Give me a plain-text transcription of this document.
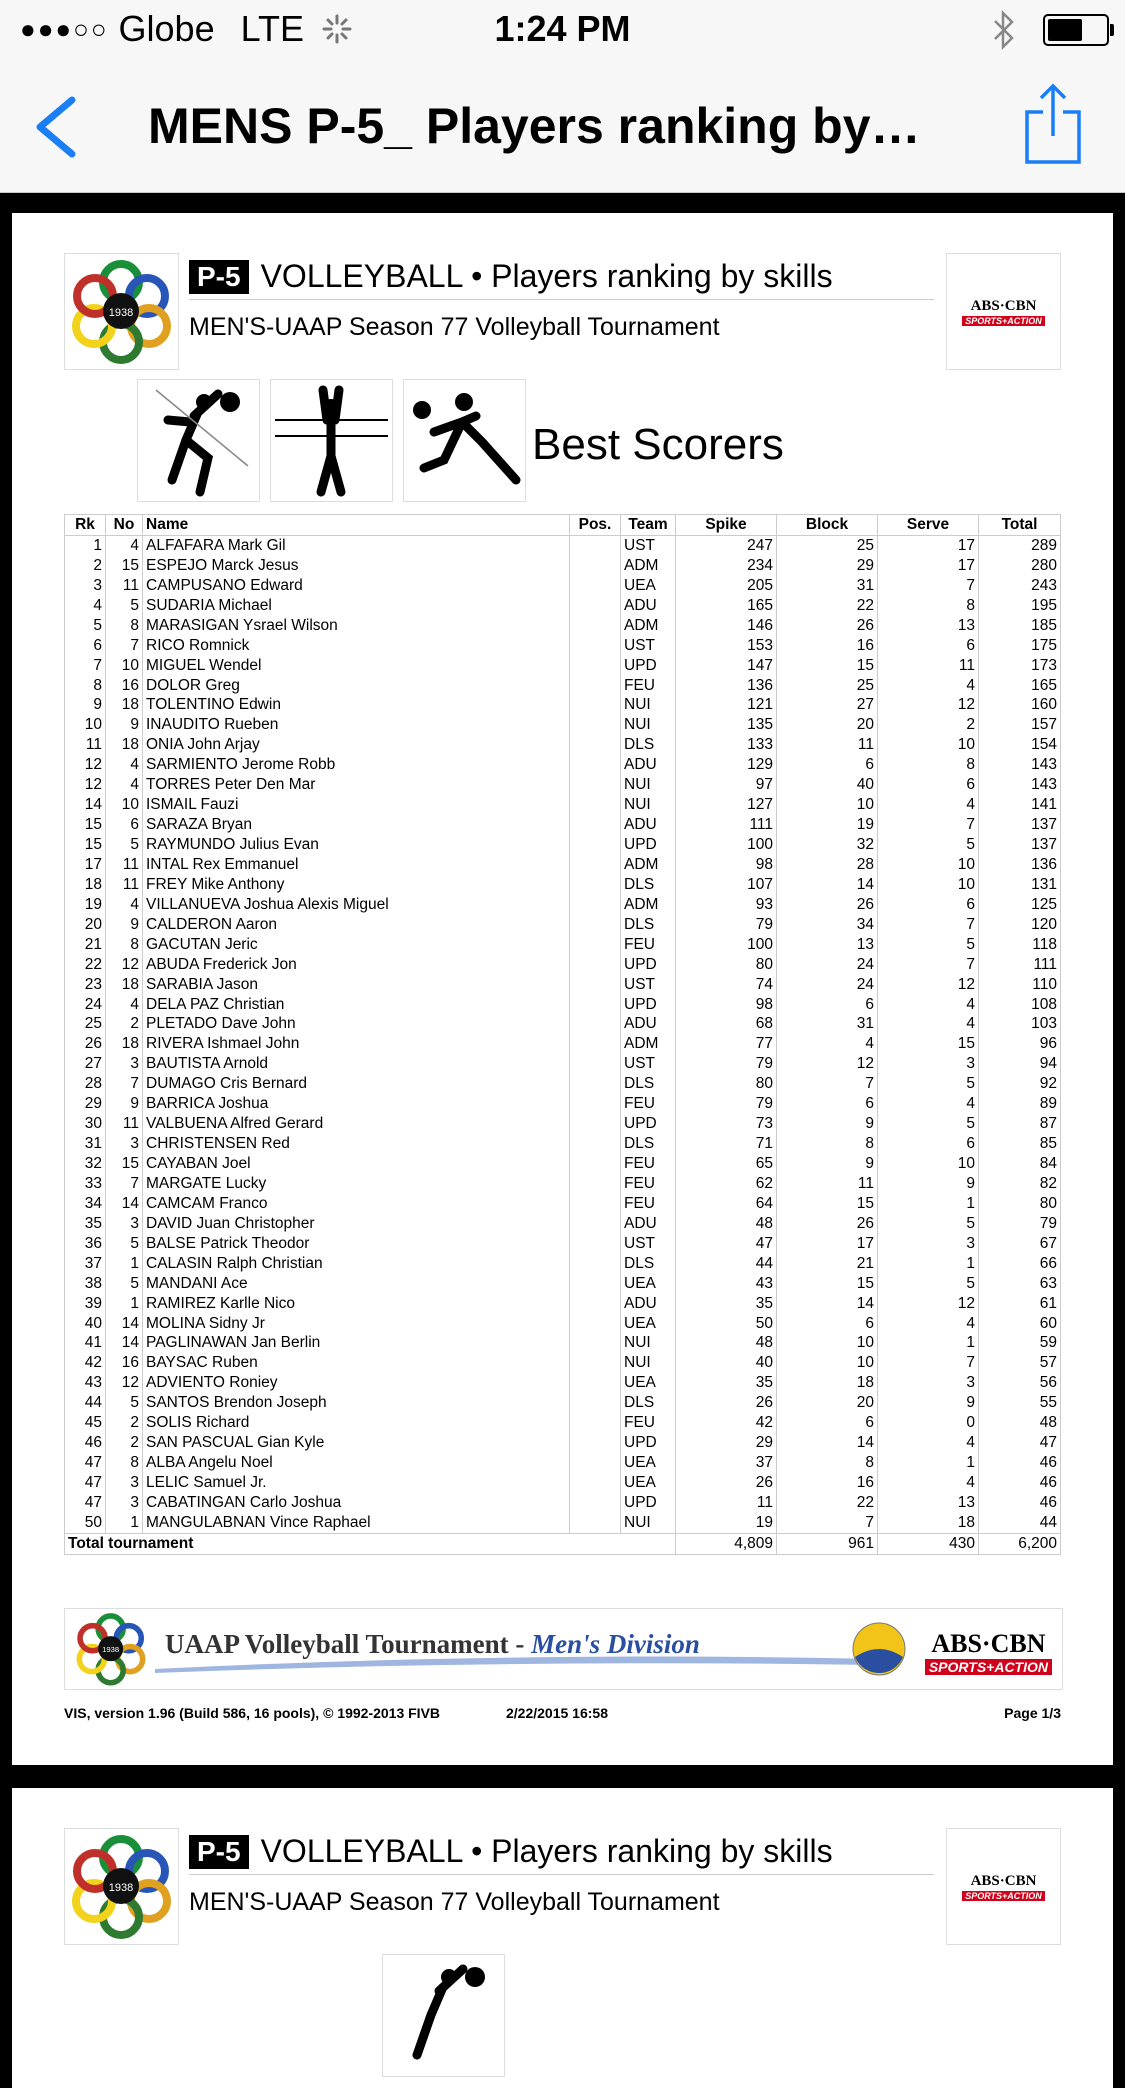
●●●○○ Globe LTE	1:24 PM
MENS P-5_ Players ranking by…
1938
P-5 VOLLEYBALL • Players ranking by skills
MEN'S-UAAP Season 77 Volleyball Tournament
ABS·CBN
SPORTS+ACTION
Best Scorers
Rk	No	Name	Pos.	Team	Spike	Block	Serve	Total
1	4	ALFAFARA Mark Gil		UST	247	25	17	289
2	15	ESPEJO Marck Jesus		ADM	234	29	17	280
3	11	CAMPUSANO Edward		UEA	205	31	7	243
4	5	SUDARIA Michael		ADU	165	22	8	195
5	8	MARASIGAN Ysrael Wilson		ADM	146	26	13	185
6	7	RICO Romnick		UST	153	16	6	175
7	10	MIGUEL Wendel		UPD	147	15	11	173
8	16	DOLOR Greg		FEU	136	25	4	165
9	18	TOLENTINO Edwin		NUI	121	27	12	160
10	9	INAUDITO Rueben		NUI	135	20	2	157
11	18	ONIA John Arjay		DLS	133	11	10	154
12	4	SARMIENTO Jerome Robb		ADU	129	6	8	143
12	4	TORRES Peter Den Mar		NUI	97	40	6	143
14	10	ISMAIL Fauzi		NUI	127	10	4	141
15	6	SARAZA Bryan		ADU	111	19	7	137
15	5	RAYMUNDO Julius Evan		UPD	100	32	5	137
17	11	INTAL Rex Emmanuel		ADM	98	28	10	136
18	11	FREY Mike Anthony		DLS	107	14	10	131
19	4	VILLANUEVA Joshua Alexis Miguel		ADM	93	26	6	125
20	9	CALDERON Aaron		DLS	79	34	7	120
21	8	GACUTAN Jeric		FEU	100	13	5	118
22	12	ABUDA Frederick Jon		UPD	80	24	7	111
23	18	SARABIA Jason		UST	74	24	12	110
24	4	DELA PAZ Christian		UPD	98	6	4	108
25	2	PLETADO Dave John		ADU	68	31	4	103
26	18	RIVERA Ishmael John		ADM	77	4	15	96
27	3	BAUTISTA Arnold		UST	79	12	3	94
28	7	DUMAGO Cris Bernard		DLS	80	7	5	92
29	9	BARRICA Joshua		FEU	79	6	4	89
30	11	VALBUENA Alfred Gerard		UPD	73	9	5	87
31	3	CHRISTENSEN Red		DLS	71	8	6	85
32	15	CAYABAN Joel		FEU	65	9	10	84
33	7	MARGATE Lucky		FEU	62	11	9	82
34	14	CAMCAM Franco		FEU	64	15	1	80
35	3	DAVID Juan Christopher		ADU	48	26	5	79
36	5	BALSE Patrick Theodor		UST	47	17	3	67
37	1	CALASIN Ralph Christian		DLS	44	21	1	66
38	5	MANDANI Ace		UEA	43	15	5	63
39	1	RAMIREZ Karlle Nico		ADU	35	14	12	61
40	14	MOLINA Sidny Jr		UEA	50	6	4	60
41	14	PAGLINAWAN Jan Berlin		NUI	48	10	1	59
42	16	BAYSAC Ruben		NUI	40	10	7	57
43	12	ADVIENTO Roniey		UEA	35	18	3	56
44	5	SANTOS Brendon Joseph		DLS	26	20	9	55
45	2	SOLIS Richard		FEU	42	6	0	48
46	2	SAN PASCUAL Gian Kyle		UPD	29	14	4	47
47	8	ALBA Angelu Noel		UEA	37	8	1	46
47	3	LELIC Samuel Jr.		UEA	26	16	4	46
47	3	CABATINGAN Carlo Joshua		UPD	11	22	13	46
50	1	MANGULABNAN Vince Raphael		NUI	19	7	18	44
Total tournament					4,809	961	430	6,200
1938 UAAP Volleyball Tournament - Men's Division	ABS·CBN
SPORTS+ACTION
VIS, version 1.96 (Build 586, 16 pools), © 1992-2013 FIVB	2/22/2015 16:58	Page 1/3
1938
P-5 VOLLEYBALL • Players ranking by skills
MEN'S-UAAP Season 77 Volleyball Tournament
ABS·CBN
SPORTS+ACTION
